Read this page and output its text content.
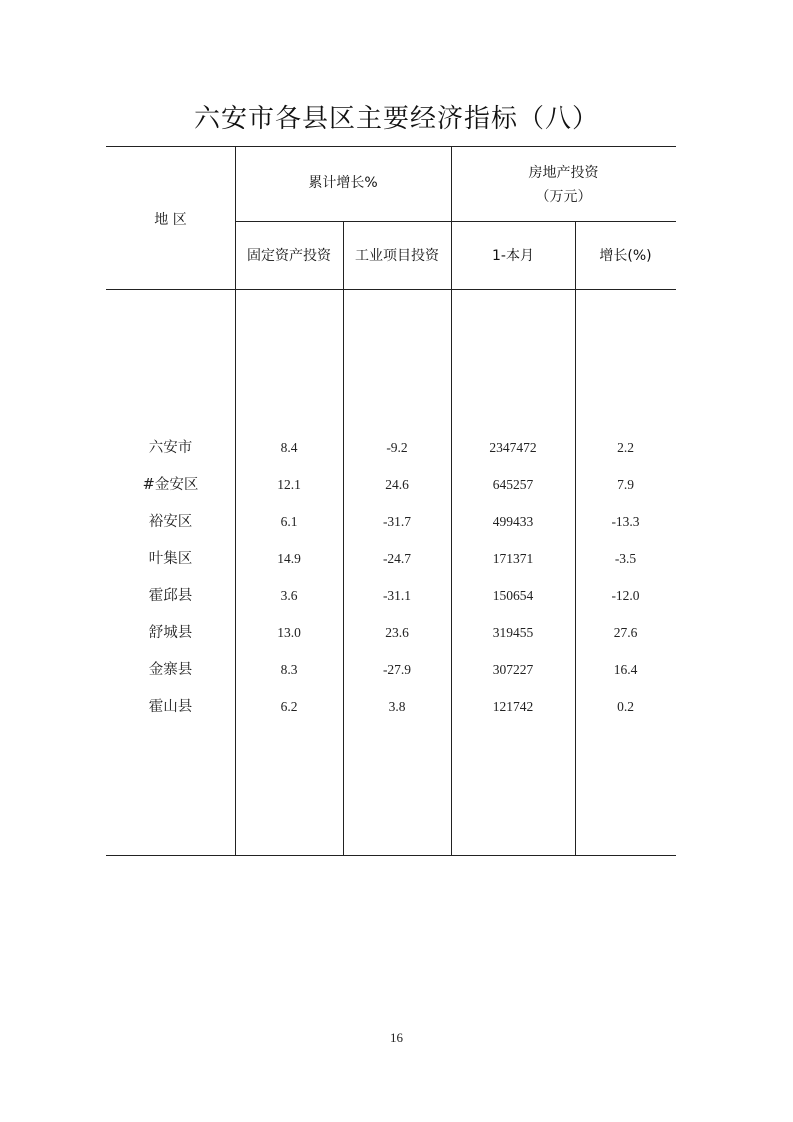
六安市各县区主要经济指标（八）
地 区
累计增长%
房地产投资
（万元）
固定资产投资	工业项目投资	1-本月	增长(%)
六安市	8.4	-9.2	2347472	2.2
#金安区	12.1	24.6	645257	7.9
裕安区	6.1	-31.7	499433	-13.3
叶集区	14.9	-24.7	171371	-3.5
霍邱县	3.6	-31.1	150654	-12.0
舒城县	13.0	23.6	319455	27.6
金寨县	8.3	-27.9	307227	16.4
霍山县	6.2	3.8	121742	0.2
16
